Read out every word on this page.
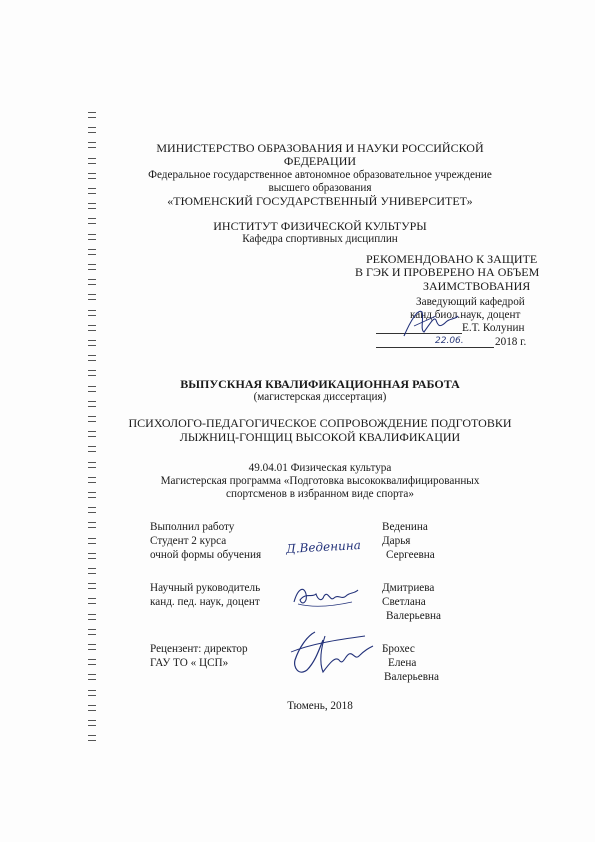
МИНИСТЕРСТВО ОБРАЗОВАНИЯ И НАУКИ РОССИЙСКОЙ
ФЕДЕРАЦИИ
Федеральное государственное автономное образовательное учреждение
высшего образования
«ТЮМЕНСКИЙ ГОСУДАРСТВЕННЫЙ УНИВЕРСИТЕТ»
ИНСТИТУТ ФИЗИЧЕСКОЙ КУЛЬТУРЫ
Кафедра спортивных дисциплин
РЕКОМЕНДОВАНО К ЗАЩИТЕ
В ГЭК И ПРОВЕРЕНО НА ОБЪЕМ
ЗАИМСТВОВАНИЯ
Заведующий кафедрой
канд.биол.наук, доцент
Е.Т. Колунин
22.06.	2018 г.
ВЫПУСКНАЯ КВАЛИФИКАЦИОННАЯ РАБОТА
(магистерская диссертация)
ПСИХОЛОГО-ПЕДАГОГИЧЕСКОЕ СОПРОВОЖДЕНИЕ ПОДГОТОВКИ
ЛЫЖНИЦ-ГОНЩИЦ ВЫСОКОЙ КВАЛИФИКАЦИИ
49.04.01 Физическая культура
Магистерская программа «Подготовка высококвалифицированных
спортсменов в избранном виде спорта»
Выполнил работу
Студент 2 курса
очной формы обучения
Веденина
Дарья
Сергеевна
Д.Веденина
Научный руководитель
канд. пед. наук, доцент
Дмитриева
Светлана
Валерьевна
Рецензент: директор
ГАУ ТО « ЦСП»
Брохес
Елена
Валерьевна
Тюмень, 2018
